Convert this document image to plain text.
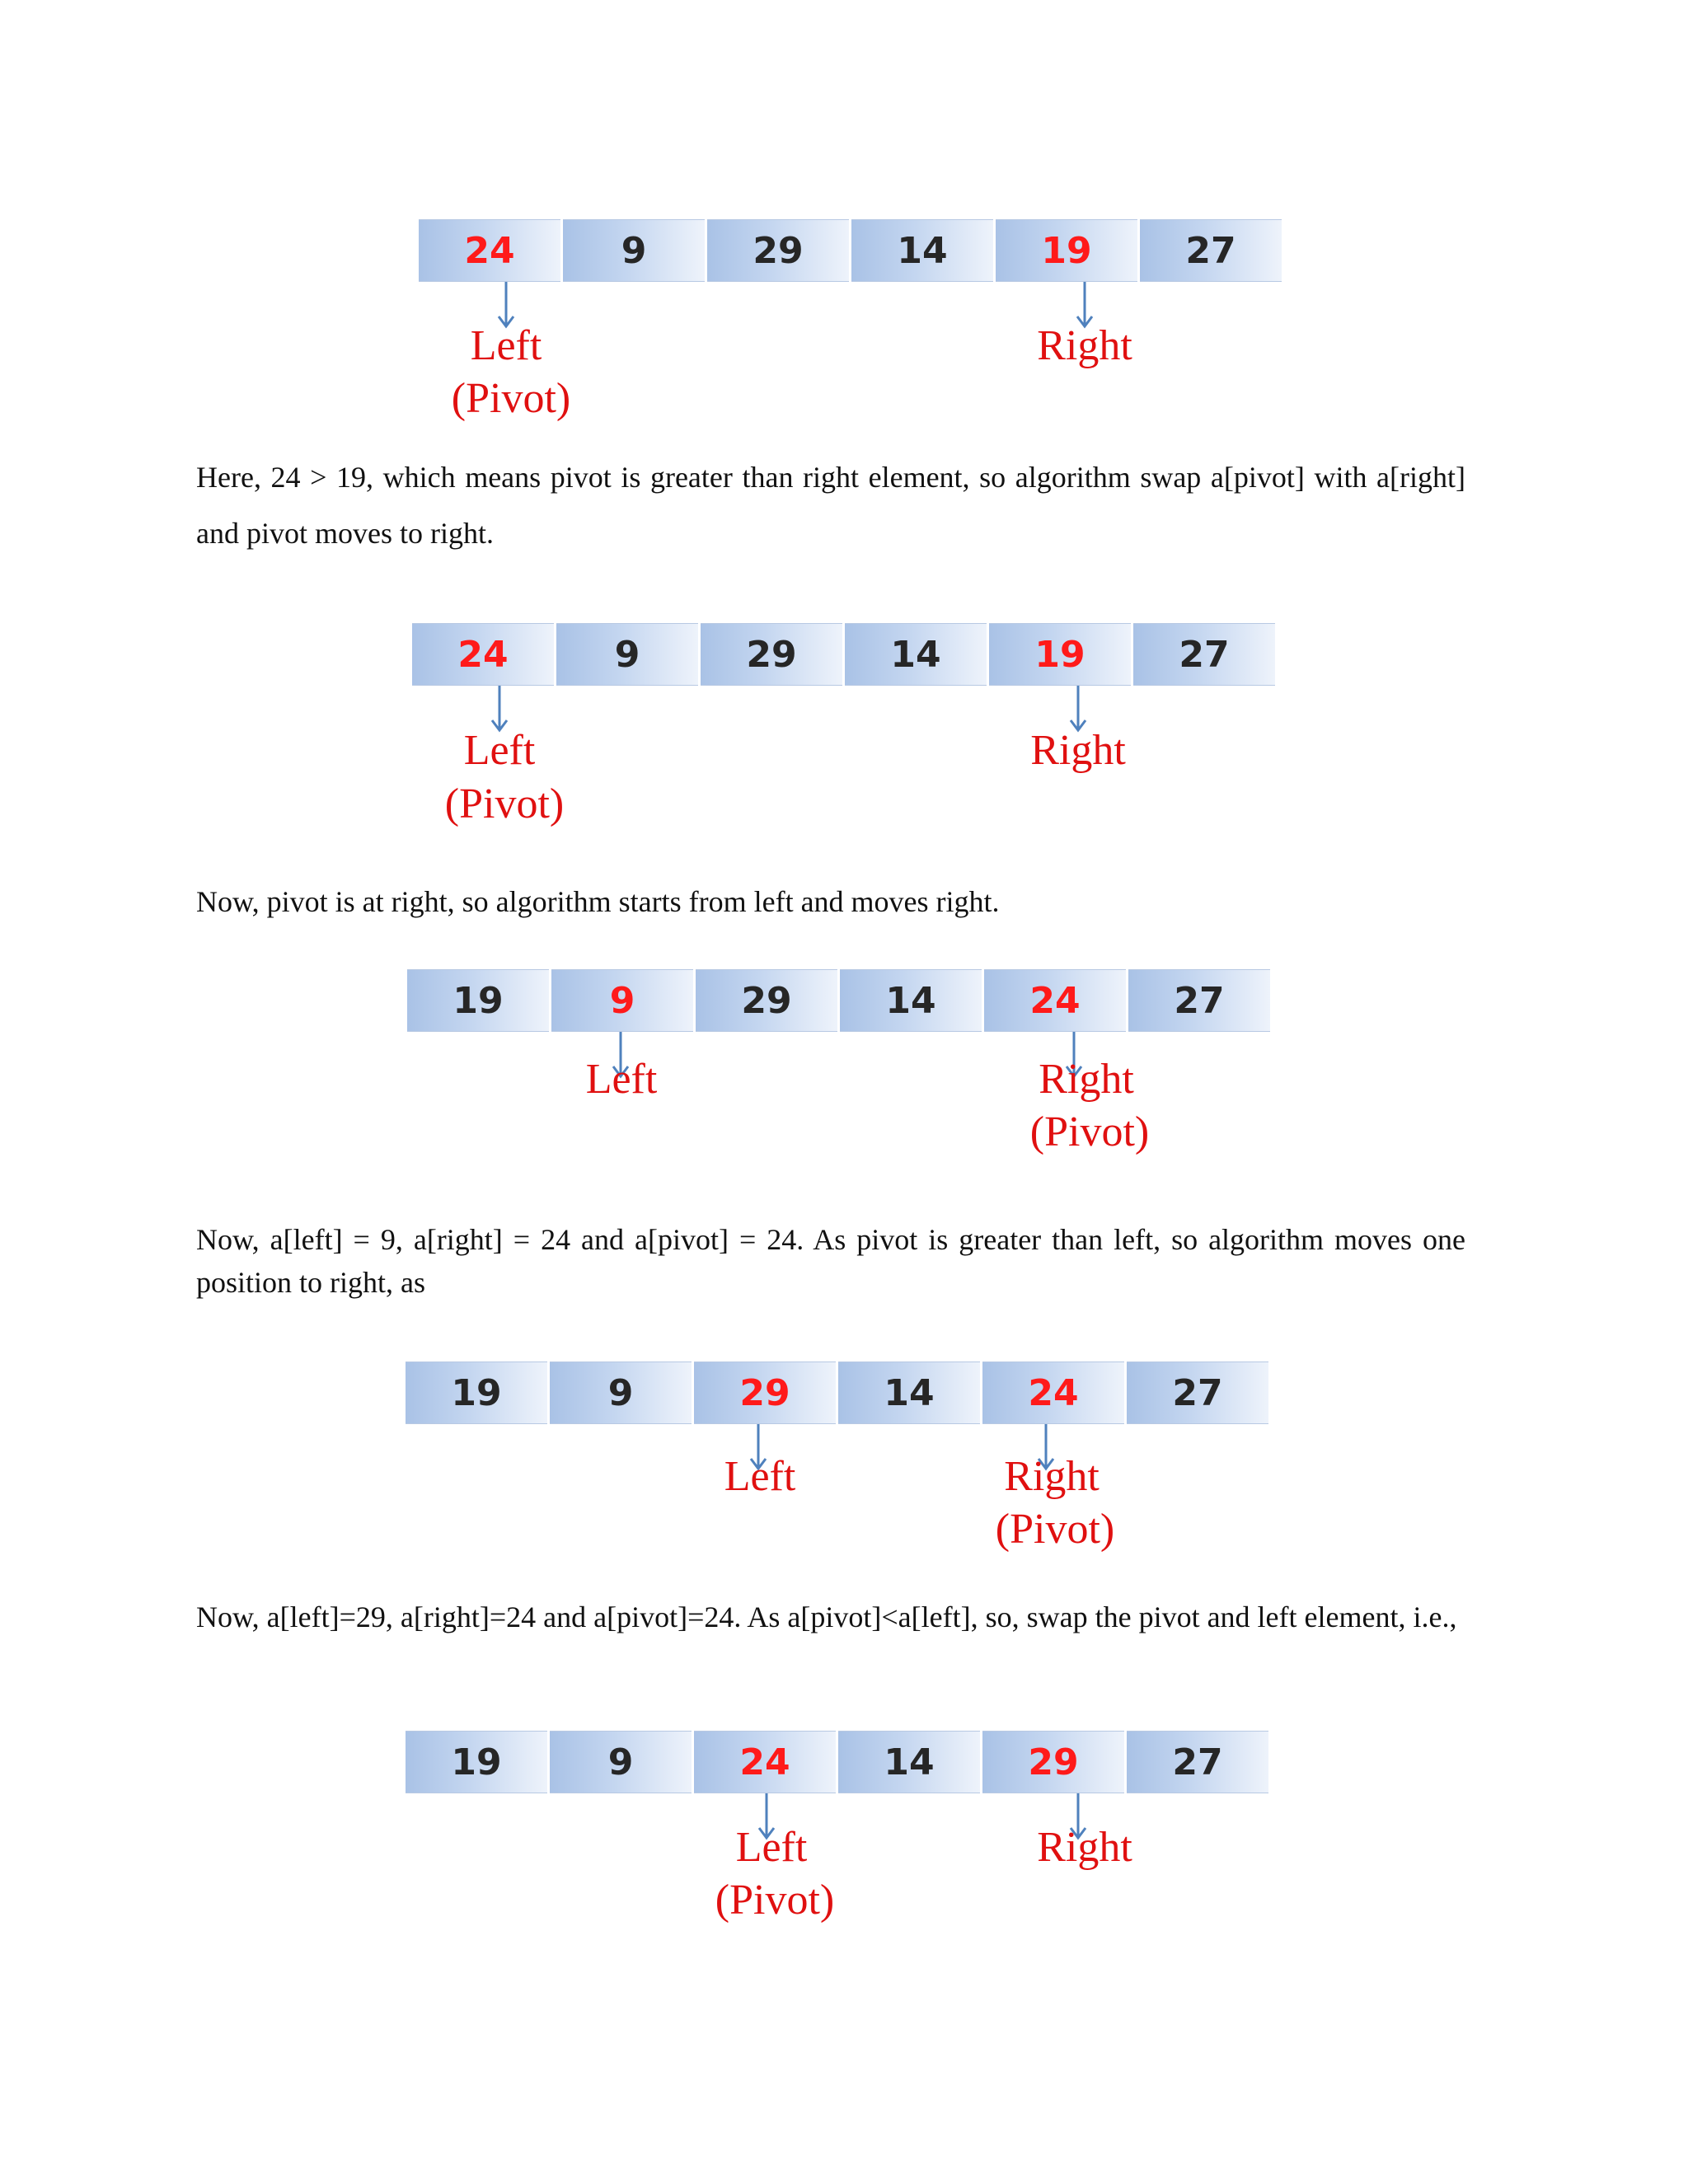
24	9	29	14	19	27
Left
(Pivot)
Right

Here, 24 > 19, which means pivot is greater than right element, so algorithm swap a[pivot] with a[right] and pivot moves to right.

24	9	29	14	19	27
Left
(Pivot)
Right

Now, pivot is at right, so algorithm starts from left and moves right.

19	9	29	14	24	27
Left	Right
(Pivot)

Now, a[left] = 9, a[right] = 24 and a[pivot] = 24. As pivot is greater than left, so algorithm moves one position to right, as

19	9	29	14	24	27
Left	Right
(Pivot)

Now, a[left]=29, a[right]=24 and a[pivot]=24. As a[pivot]<a[left], so, swap the pivot and left element, i.e.,

19	9	24	14	29	27
Left
(Pivot)
Right
